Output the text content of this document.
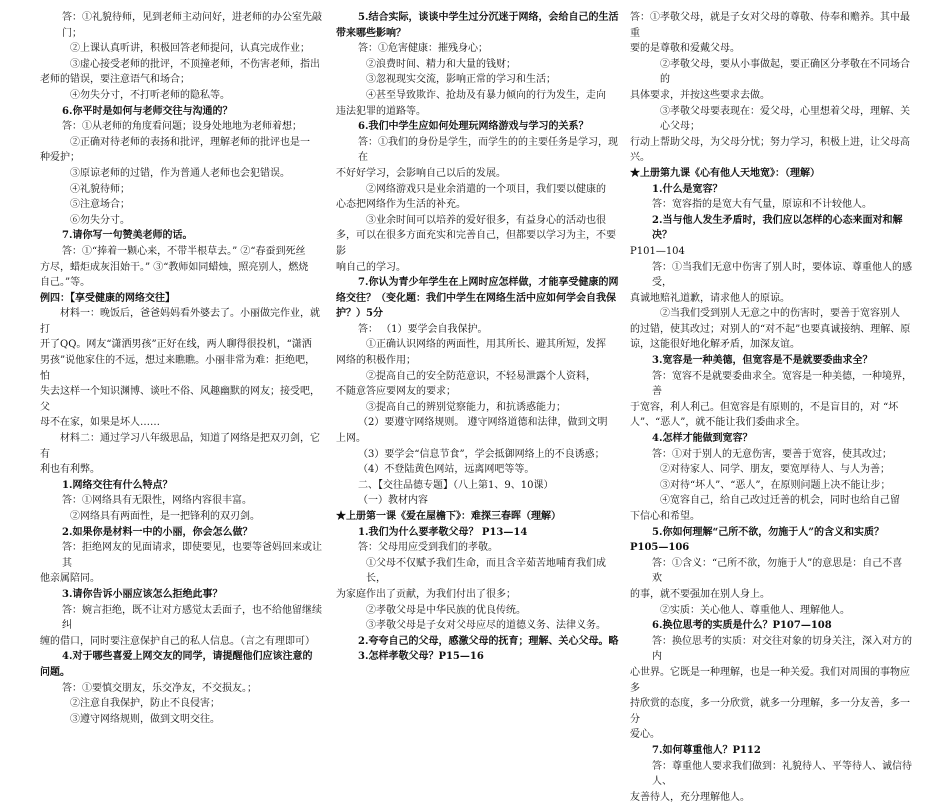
答：①礼貌待师，见到老师主动问好，进老师的办公室先敲门；
②上课认真听讲，积极回答老师提问，认真完成作业；
③虚心接受老师的批评，不顶撞老师，不伤害老师，指出
老师的错误，要注意语气和场合；
④勿失分寸，不打听老师的隐私等。
6.你平时是如何与老师交往与沟通的？
答：①从老师的角度看问题；设身处地地为老师着想；
②正确对待老师的表扬和批评，理解老师的批评也是一
种爱护；
③原谅老师的过错，作为普通人老师也会犯错误。
④礼貌待师；
⑤注意场合；
⑥勿失分寸。
7.请你写一句赞美老师的话。
答：①“捧着一颗心来，不带半根草去。” ②“春蚕到死丝
方尽，蜡炬成灰泪始干。” ③“教师如同蜡烛，照亮别人，燃烧
自己。”等。
例四：【享受健康的网络交往】
材料一：晚饭后，爸爸妈妈看外婆去了。小丽做完作业，就打
开了QQ。网友“潇洒男孩”正好在线，两人聊得很投机，“潇洒
男孩”说他家住的不远，想过来瞧瞧。小丽非常为难：拒绝吧，怕
失去这样一个知识渊博、谈吐不俗、风趣幽默的网友；接受吧，父
母不在家，如果是坏人……
材料二：通过学习八年级思品，知道了网络是把双刃剑，它有
利也有利弊。
1.网络交往有什么特点？
答：①网络具有无限性，网络内容很丰富。
②网络具有两面性，是一把锋利的双刃剑。
2.如果你是材料一中的小丽，你会怎么做？
答：拒绝网友的见面请求，即使要见，也要等爸妈回来或让其
他亲属陪同。
3.请你告诉小丽应该怎么拒绝此事？
答：婉言拒绝，既不让对方感觉太丢面子，也不给他留继续纠
缠的借口，同时要注意保护自己的私人信息。（言之有理即可）
4.对于哪些喜爱上网交友的同学，请提醒他们应该注意的
问题。
答：①要慎交朋友，乐交净友，不交损友。；
②注意自我保护，防止不良侵害；
③遵守网络规则，做到文明交往。
5.结合实际，谈谈中学生过分沉迷于网络，会给自己的生活
带来哪些影响？
答：①危害健康：摧残身心；
②浪费时间、精力和大量的钱财；
③忽视现实交流，影响正常的学习和生活；
④甚至导致欺诈、抢劫及有暴力倾向的行为发生，走向
违法犯罪的道路等。
6.我们中学生应如何处理玩网络游戏与学习的关系？
答：①我们的身份是学生，而学生的的主要任务是学习，现在
不好好学习，会影响自己以后的发展。
②网络游戏只是业余消遣的一个项目，我们要以健康的
心态把网络作为生活的补充。
③业余时间可以培养的爱好很多，有益身心的活动也很
多，可以在很多方面充实和完善自己，但都要以学习为主，不要影
响自己的学习。
7.你认为青少年学生在上网时应怎样做，才能享受健康的网
络交往？（变化题：我们中学生在网络生活中应如何学会自我保
护？）5分
答： （1）要学会自我保护。
①正确认识网络的两面性，用其所长、避其所短，发挥
网络的积极作用；
②提高自己的安全防范意识，不轻易泄露个人资料，
不随意答应要网友的要求；
③提高自己的辨别觉察能力，和抗诱惑能力；
（2）要遵守网络规则。 遵守网络道德和法律，做到文明
上网。
（3）要学会“信息节食”，学会抵御网络上的不良诱惑；
（4）不登陆黄色网站，远离网吧等等。
二、【交往品德专题】（八上第1、9、10课）
（一）教材内容
★上册第一课《爱在屋檐下》：难探三春晖（理解）
1.我们为什么要孝敬父母？ P13—14
答：父母用应受到我们的孝敬。
①父母不仅赋予我们生命，而且含辛茹苦地哺育我们成长，
为家庭作出了贡献，为我们付出了很多；
②孝敬父母是中华民族的优良传统。
③孝敬父母是子女对父母应尽的道德义务、法律义务。
2.夸夸自己的父母，感激父母的抚育；理解、关心父母。略
3.怎样孝敬父母？P15—16
答：①孝敬父母，就是子女对父母的尊敬、侍奉和赡养。其中最重
要的是尊敬和爱戴父母。
②孝敬父母，要从小事做起，要正确区分孝敬在不同场合的
具体要求，并按这些要求去做。
③孝敬父母要表现在：爱父母，心里想着父母，理解、关心父母；
行动上帮助父母，为父母分忧；努力学习，积极上进，让父母高兴。
★上册第九课《心有他人天地宽》：（理解）
1.什么是宽容？
答：宽容指的是宽大有气量，原谅和不计较他人。
2.当与他人发生矛盾时，我们应以怎样的心态来面对和解决？
P101—104
答：①当我们无意中伤害了别人时，要体谅、尊重他人的感受，
真诚地赔礼道歉，请求他人的原谅。
②当我们受到别人无意之中的伤害时，要善于宽容别人
的过错，使其改过；对别人的“对不起”也要真诚接纳、理解、原
谅，这能很好地化解矛盾，加深友谊。
3.宽容是一种美德，但宽容是不是就要委曲求全？
答：宽容不是就要委曲求全。宽容是一种美德，一种境界，善
于宽容，利人利己。但宽容是有原则的，不是盲目的，对 “坏
人”、“恶人”，就不能让我们委曲求全。
4.怎样才能做到宽容？
答：①对于别人的无意伤害，要善于宽容，使其改过；
②对待家人、同学、朋友，要宽厚待人、与人为善；
③对待“坏人”、“恶人”，在原则问题上决不能让步；
④宽容自己，给自己改过迁善的机会，同时也给自己留
下信心和希望。
5.你如何理解“己所不欲，勿施于人”的含义和实质？
P105—106
答：①含义：“己所不欲，勿施于人”的意思是：自己不喜欢
的事，就不要强加在别人身上。
②实质：关心他人、尊重他人、理解他人。
6.换位思考的实质是什么？P107—108
答：换位思考的实质：对交往对象的切身关注，深入对方的内
心世界。它既是一种理解，也是一种关爱。我们对周围的事物应多
持欣赏的态度，多一分欣赏，就多一分理解，多一分友善，多一分
爱心。
7.如何尊重他人？P112
答：尊重他人要求我们做到：礼貌待人、平等待人、诚信待人、
友善待人，充分理解他人。
